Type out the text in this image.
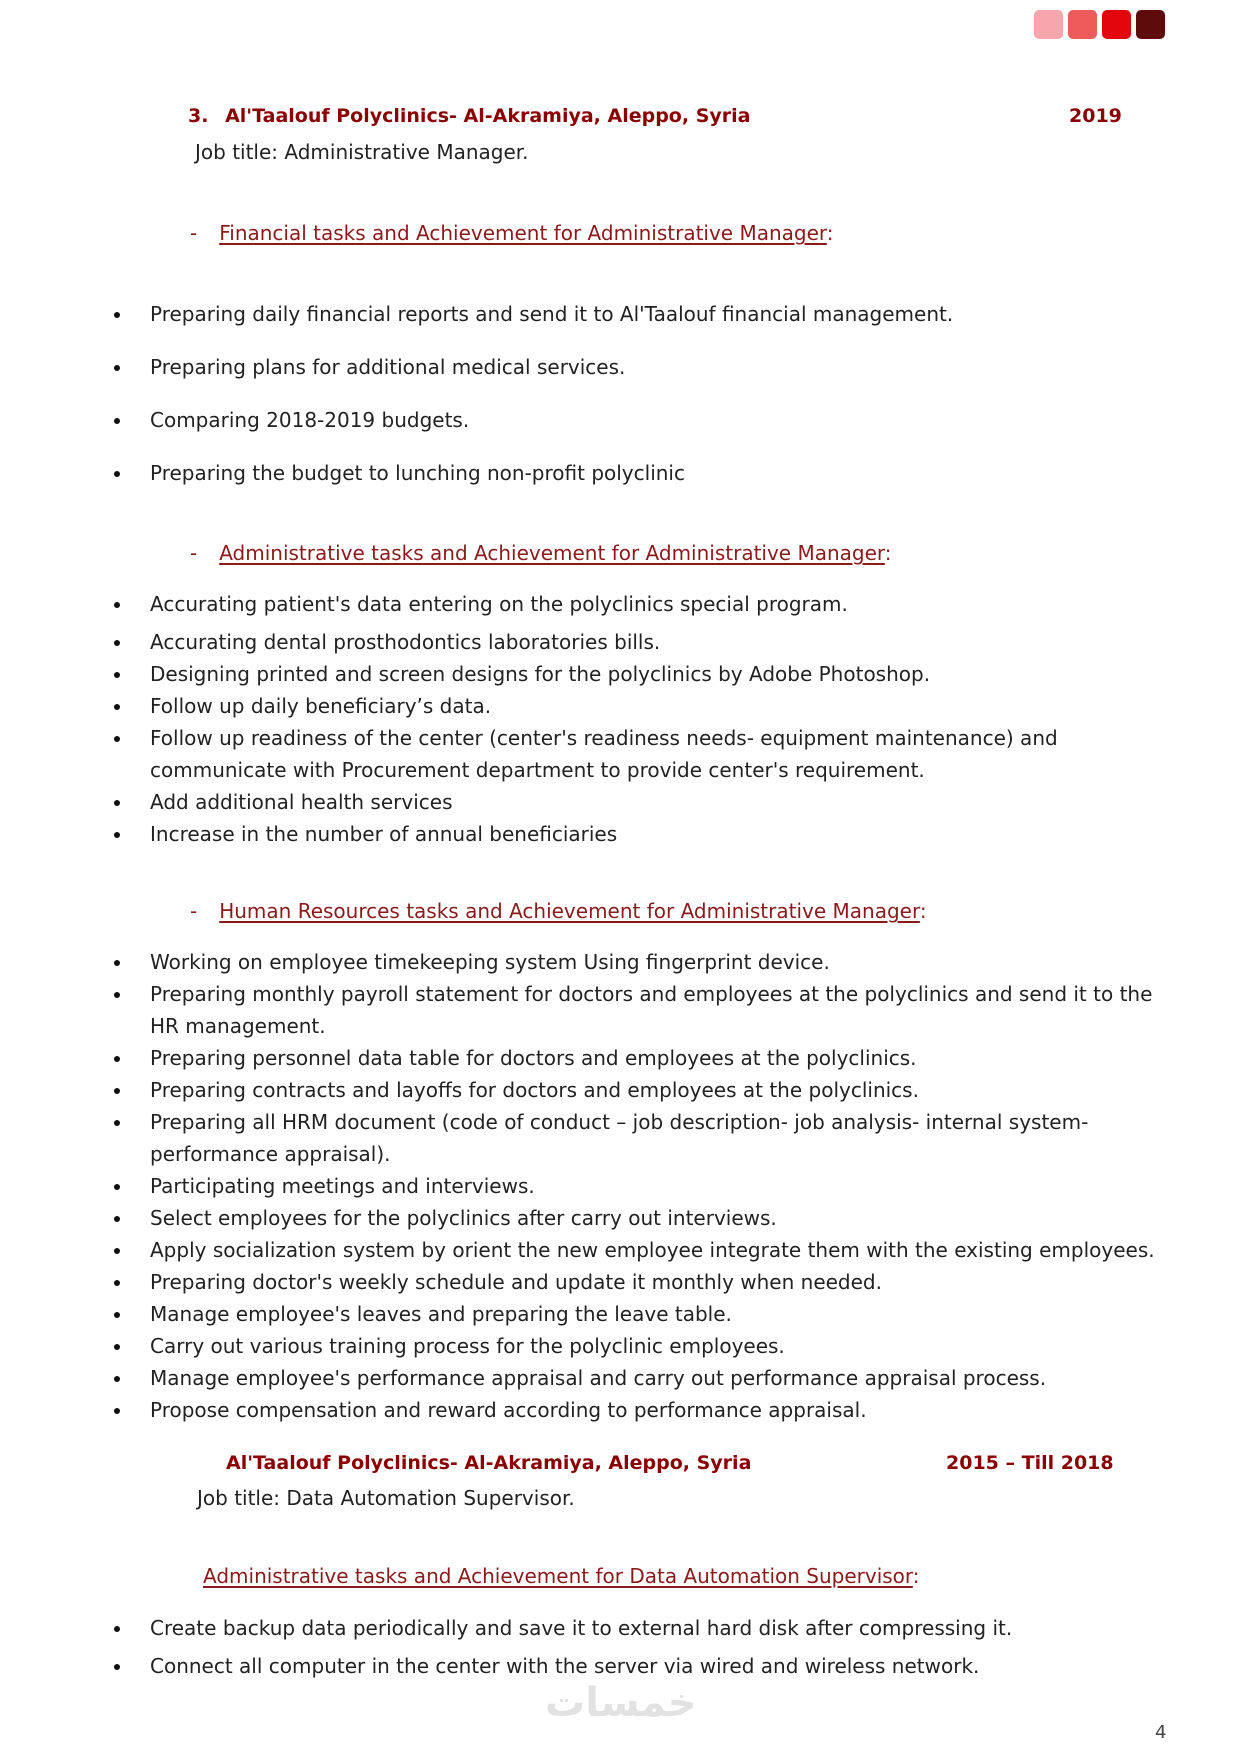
3. Al'Taalouf Polyclinics- Al-Akramiya, Aleppo, Syria	2019
Job title: Administrative Manager.
- Financial tasks and Achievement for Administrative Manager:
Preparing daily financial reports and send it to Al'Taalouf financial management.
Preparing plans for additional medical services.
Comparing 2018-2019 budgets.
Preparing the budget to lunching non-profit polyclinic
- Administrative tasks and Achievement for Administrative Manager:
Accurating patient's data entering on the polyclinics special program.
Accurating dental prosthodontics laboratories bills.
Designing printed and screen designs for the polyclinics by Adobe Photoshop.
Follow up daily beneficiary’s data.
Follow up readiness of the center (center's readiness needs- equipment maintenance) and communicate with Procurement department to provide center's requirement.
Add additional health services
Increase in the number of annual beneficiaries
- Human Resources tasks and Achievement for Administrative Manager:
Working on employee timekeeping system Using fingerprint device.
Preparing monthly payroll statement for doctors and employees at the polyclinics and send it to the HR management.
Preparing personnel data table for doctors and employees at the polyclinics.
Preparing contracts and layoffs for doctors and employees at the polyclinics.
Preparing all HRM document (code of conduct – job description- job analysis- internal system- performance appraisal).
Participating meetings and interviews.
Select employees for the polyclinics after carry out interviews.
Apply socialization system by orient the new employee integrate them with the existing employees.
Preparing doctor's weekly schedule and update it monthly when needed.
Manage employee's leaves and preparing the leave table.
Carry out various training process for the polyclinic employees.
Manage employee's performance appraisal and carry out performance appraisal process.
Propose compensation and reward according to performance appraisal.
Al'Taalouf Polyclinics- Al-Akramiya, Aleppo, Syria	2015 – Till 2018
Job title: Data Automation Supervisor.
Administrative tasks and Achievement for Data Automation Supervisor:
Create backup data periodically and save it to external hard disk after compressing it.
Connect all computer in the center with the server via wired and wireless network.
خمسات
4
